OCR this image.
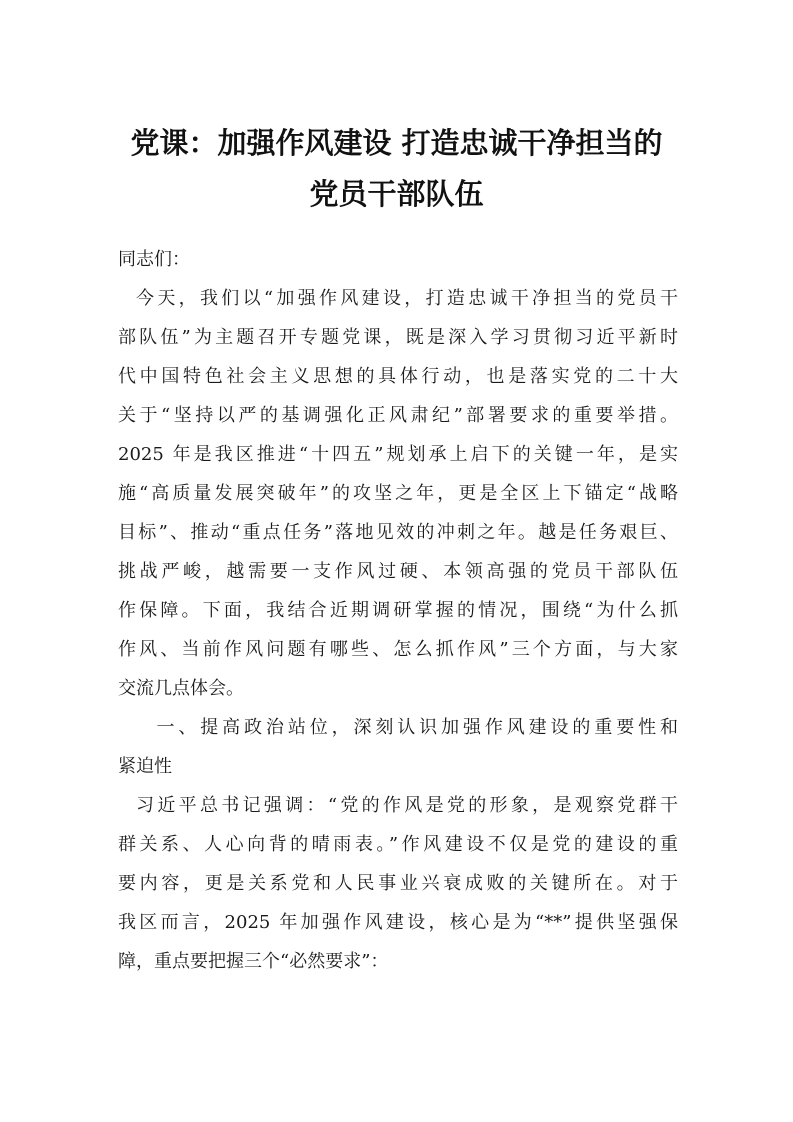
党课：加强作风建设 打造忠诚干净担当的
党员干部队伍
同志们：
今天，我们以“加强作风建设，打造忠诚干净担当的党员干
部队伍”为主题召开专题党课，既是深入学习贯彻习近平新时
代中国特色社会主义思想的具体行动，也是落实党的二十大
关于“坚持以严的基调强化正风肃纪”部署要求的重要举措。
2025 年是我区推进“十四五”规划承上启下的关键一年，是实
施“高质量发展突破年”的攻坚之年，更是全区上下锚定“战略
目标”、推动“重点任务”落地见效的冲刺之年。越是任务艰巨、
挑战严峻，越需要一支作风过硬、本领高强的党员干部队伍
作保障。下面，我结合近期调研掌握的情况，围绕“为什么抓
作风、当前作风问题有哪些、怎么抓作风”三个方面，与大家
交流几点体会。
一、提高政治站位，深刻认识加强作风建设的重要性和
紧迫性
习近平总书记强调：“党的作风是党的形象，是观察党群干
群关系、人心向背的晴雨表。”作风建设不仅是党的建设的重
要内容，更是关系党和人民事业兴衰成败的关键所在。对于
我区而言，2025 年加强作风建设，核心是为“**”提供坚强保
障，重点要把握三个“必然要求”：
